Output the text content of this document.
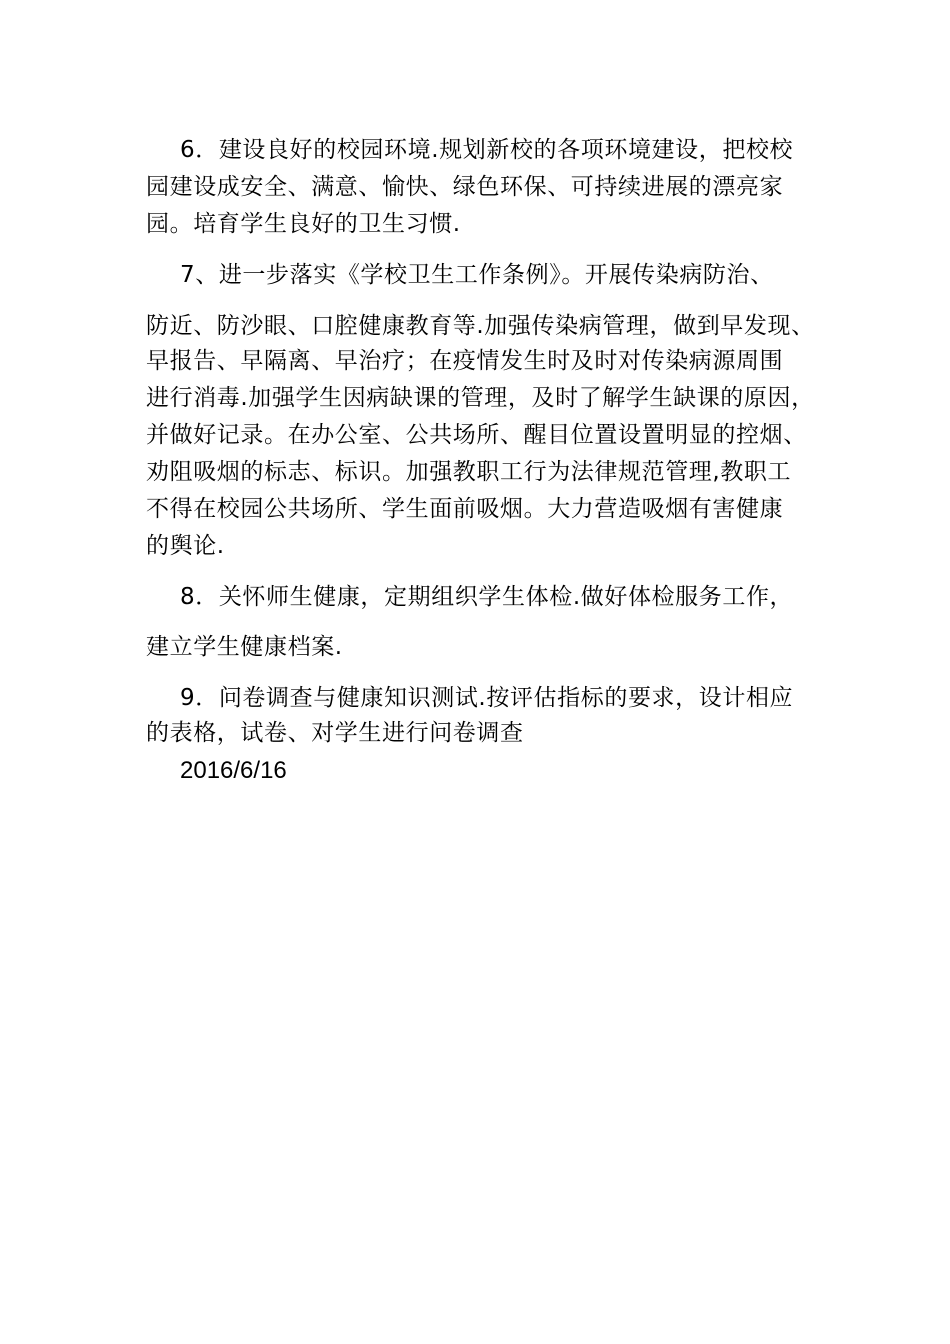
6．建设良好的校园环境.规划新校的各项环境建设，把校校
园建设成安全、满意、愉快、绿色环保、可持续进展的漂亮家
园。培育学生良好的卫生习惯.
7、进一步落实《学校卫生工作条例》。开展传染病防治、
防近、防沙眼、口腔健康教育等.加强传染病管理，做到早发现、
早报告、早隔离、早治疗；在疫情发生时及时对传染病源周围
进行消毒.加强学生因病缺课的管理，及时了解学生缺课的原因，
并做好记录。在办公室、公共场所、醒目位置设置明显的控烟、
劝阻吸烟的标志、标识。加强教职工行为法律规范管理,教职工
不得在校园公共场所、学生面前吸烟。大力营造吸烟有害健康
的舆论.
8．关怀师生健康，定期组织学生体检.做好体检服务工作，
建立学生健康档案.
9．问卷调查与健康知识测试.按评估指标的要求，设计相应
的表格，试卷、对学生进行问卷调查
2016/6/16
